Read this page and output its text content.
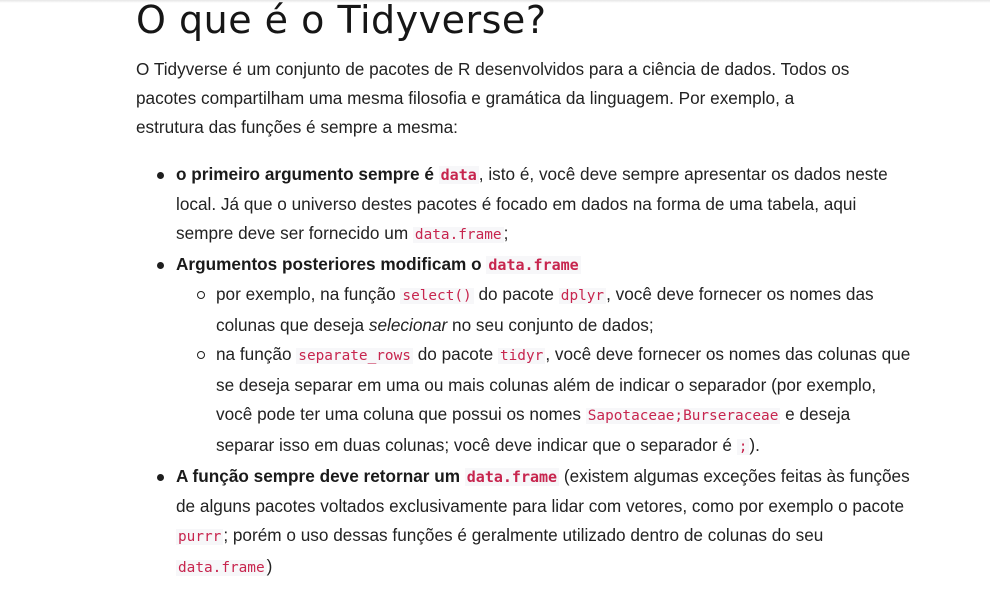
O que é o Tidyverse?

O Tidyverse é um conjunto de pacotes de R desenvolvidos para a ciência de dados. Todos os pacotes compartilham uma mesma filosofia e gramática da linguagem. Por exemplo, a estrutura das funções é sempre a mesma:

o primeiro argumento sempre é data , isto é, você deve sempre apresentar os dados neste local. Já que o universo destes pacotes é focado em dados na forma de uma tabela, aqui sempre deve ser fornecido um data.frame ;
Argumentos posteriores modificam o data.frame
por exemplo, na função select() do pacote dplyr , você deve fornecer os nomes das colunas que deseja selecionar no seu conjunto de dados;
na função separate_rows do pacote tidyr , você deve fornecer os nomes das colunas que se deseja separar em uma ou mais colunas além de indicar o separador (por exemplo, você pode ter uma coluna que possui os nomes Sapotaceae;Burseraceae e deseja separar isso em duas colunas; você deve indicar que o separador é ; ).
A função sempre deve retornar um data.frame (existem algumas exceções feitas às funções de alguns pacotes voltados exclusivamente para lidar com vetores, como por exemplo o pacote purrr ; porém o uso dessas funções é geralmente utilizado dentro de colunas do seu data.frame )
